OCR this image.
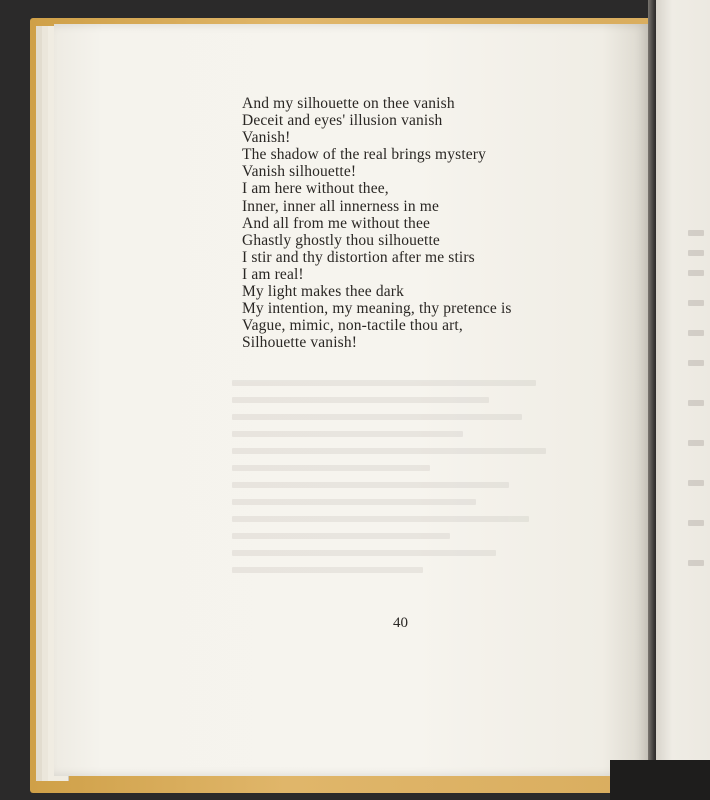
And my silhouette on thee vanish
Deceit and eyes' illusion vanish
Vanish!
The shadow of the real brings mystery
Vanish silhouette!
I am here without thee,
Inner, inner all innerness in me
And all from me without thee
Ghastly ghostly thou silhouette
I stir and thy distortion after me stirs
I am real!
My light makes thee dark
My intention, my meaning, thy pretence is
Vague, mimic, non-tactile thou art,
Silhouette vanish!
40
